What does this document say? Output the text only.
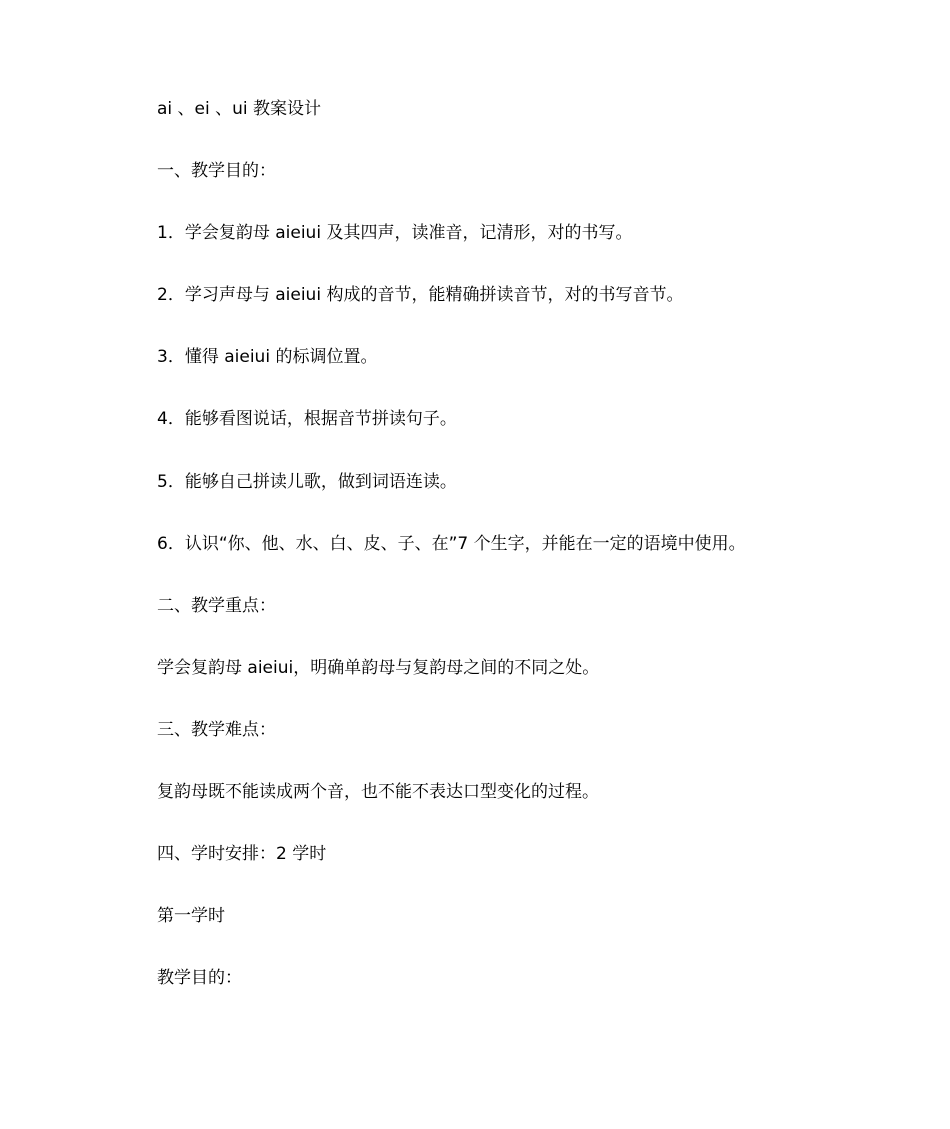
ai 、ei 、ui 教案设计

一、教学目的：

1．学会复韵母 aieiui 及其四声，读准音，记清形，对的书写。

2．学习声母与 aieiui 构成的音节，能精确拼读音节，对的书写音节。

3．懂得 aieiui 的标调位置。

4．能够看图说话，根据音节拼读句子。

5．能够自己拼读儿歌，做到词语连读。

6．认识“你、他、水、白、皮、子、在”7 个生字，并能在一定的语境中使用。

二、教学重点：

学会复韵母 aieiui，明确单韵母与复韵母之间的不同之处。

三、教学难点：

复韵母既不能读成两个音，也不能不表达口型变化的过程。

四、学时安排：2 学时

第一学时

教学目的：
